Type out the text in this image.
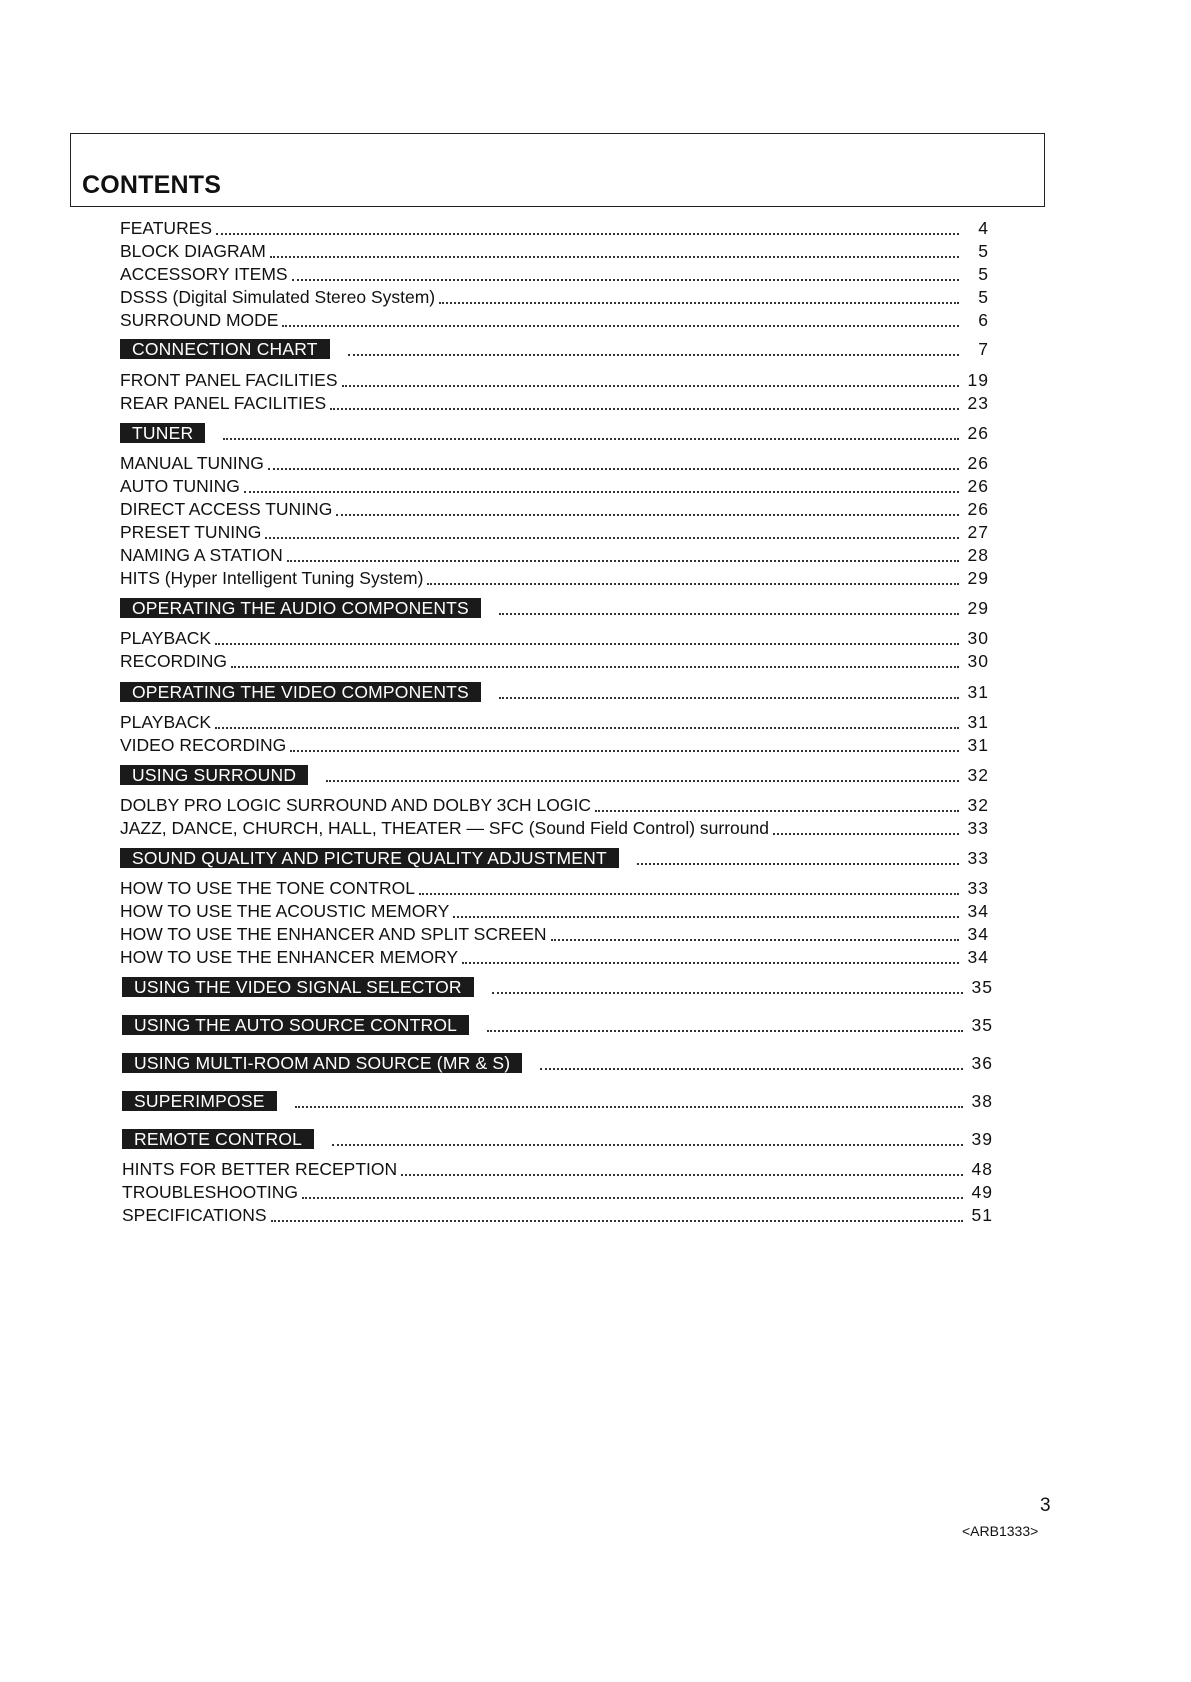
CONTENTS
FEATURES	4
BLOCK DIAGRAM	5
ACCESSORY ITEMS	5
DSSS (Digital Simulated Stereo System)	5
SURROUND MODE	6
CONNECTION CHART	7
FRONT PANEL FACILITIES	19
REAR PANEL FACILITIES	23
TUNER	26
MANUAL TUNING	26
AUTO TUNING	26
DIRECT ACCESS TUNING	26
PRESET TUNING	27
NAMING A STATION	28
HITS (Hyper Intelligent Tuning System)	29
OPERATING THE AUDIO COMPONENTS	29
PLAYBACK	30
RECORDING	30
OPERATING THE VIDEO COMPONENTS	31
PLAYBACK	31
VIDEO RECORDING	31
USING SURROUND	32
DOLBY PRO LOGIC SURROUND AND DOLBY 3CH LOGIC	32
JAZZ, DANCE, CHURCH, HALL, THEATER — SFC (Sound Field Control) surround	33
SOUND QUALITY AND PICTURE QUALITY ADJUSTMENT	33
HOW TO USE THE TONE CONTROL	33
HOW TO USE THE ACOUSTIC MEMORY	34
HOW TO USE THE ENHANCER AND SPLIT SCREEN	34
HOW TO USE THE ENHANCER MEMORY	34
USING THE VIDEO SIGNAL SELECTOR	35
USING THE AUTO SOURCE CONTROL	35
USING MULTI-ROOM AND SOURCE (MR & S)	36
SUPERIMPOSE	38
REMOTE CONTROL	39
HINTS FOR BETTER RECEPTION	48
TROUBLESHOOTING	49
SPECIFICATIONS	51
3
<ARB1333>
